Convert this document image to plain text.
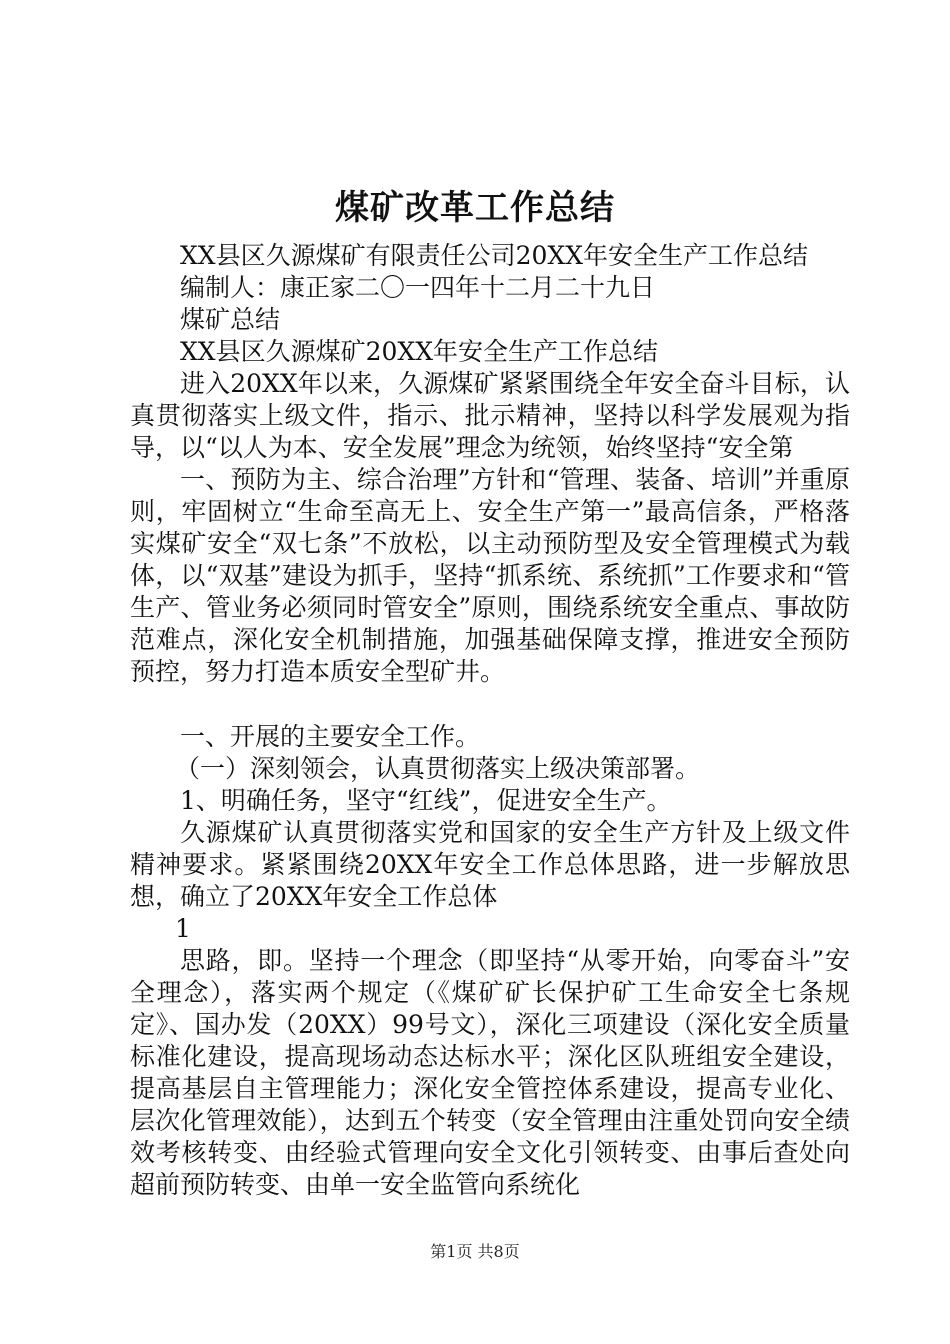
煤矿改革工作总结

XX县区久源煤矿有限责任公司20XX年安全生产工作总结

编制人：康正家二〇一四年十二月二十九日

煤矿总结

XX县区久源煤矿20XX年安全生产工作总结

进入20XX年以来，久源煤矿紧紧围绕全年安全奋斗目标，认真贯彻落实上级文件，指示、批示精神，坚持以科学发展观为指导，以“以人为本、安全发展”理念为统领，始终坚持“安全第

一、预防为主、综合治理”方针和“管理、装备、培训”并重原则，牢固树立“生命至高无上、安全生产第一”最高信条，严格落实煤矿安全“双七条”不放松，以主动预防型及安全管理模式为载体，以“双基”建设为抓手，坚持“抓系统、系统抓”工作要求和“管生产、管业务必须同时管安全”原则，围绕系统安全重点、事故防范难点，深化安全机制措施，加强基础保障支撑，推进安全预防预控，努力打造本质安全型矿井。

一、开展的主要安全工作。

（一）深刻领会，认真贯彻落实上级决策部署。

1、明确任务，坚守“红线”，促进安全生产。

久源煤矿认真贯彻落实党和国家的安全生产方针及上级文件精神要求。紧紧围绕20XX年安全工作总体思路，进一步解放思想，确立了20XX年安全工作总体

1

思路，即。坚持一个理念（即坚持“从零开始，向零奋斗”安全理念），落实两个规定（《煤矿矿长保护矿工生命安全七条规定》、国办发（20XX）99号文），深化三项建设（深化安全质量标准化建设，提高现场动态达标水平；深化区队班组安全建设，提高基层自主管理能力；深化安全管控体系建设，提高专业化、层次化管理效能），达到五个转变（安全管理由注重处罚向安全绩效考核转变、由经验式管理向安全文化引领转变、由事后查处向超前预防转变、由单一安全监管向系统化

第1页 共8页
